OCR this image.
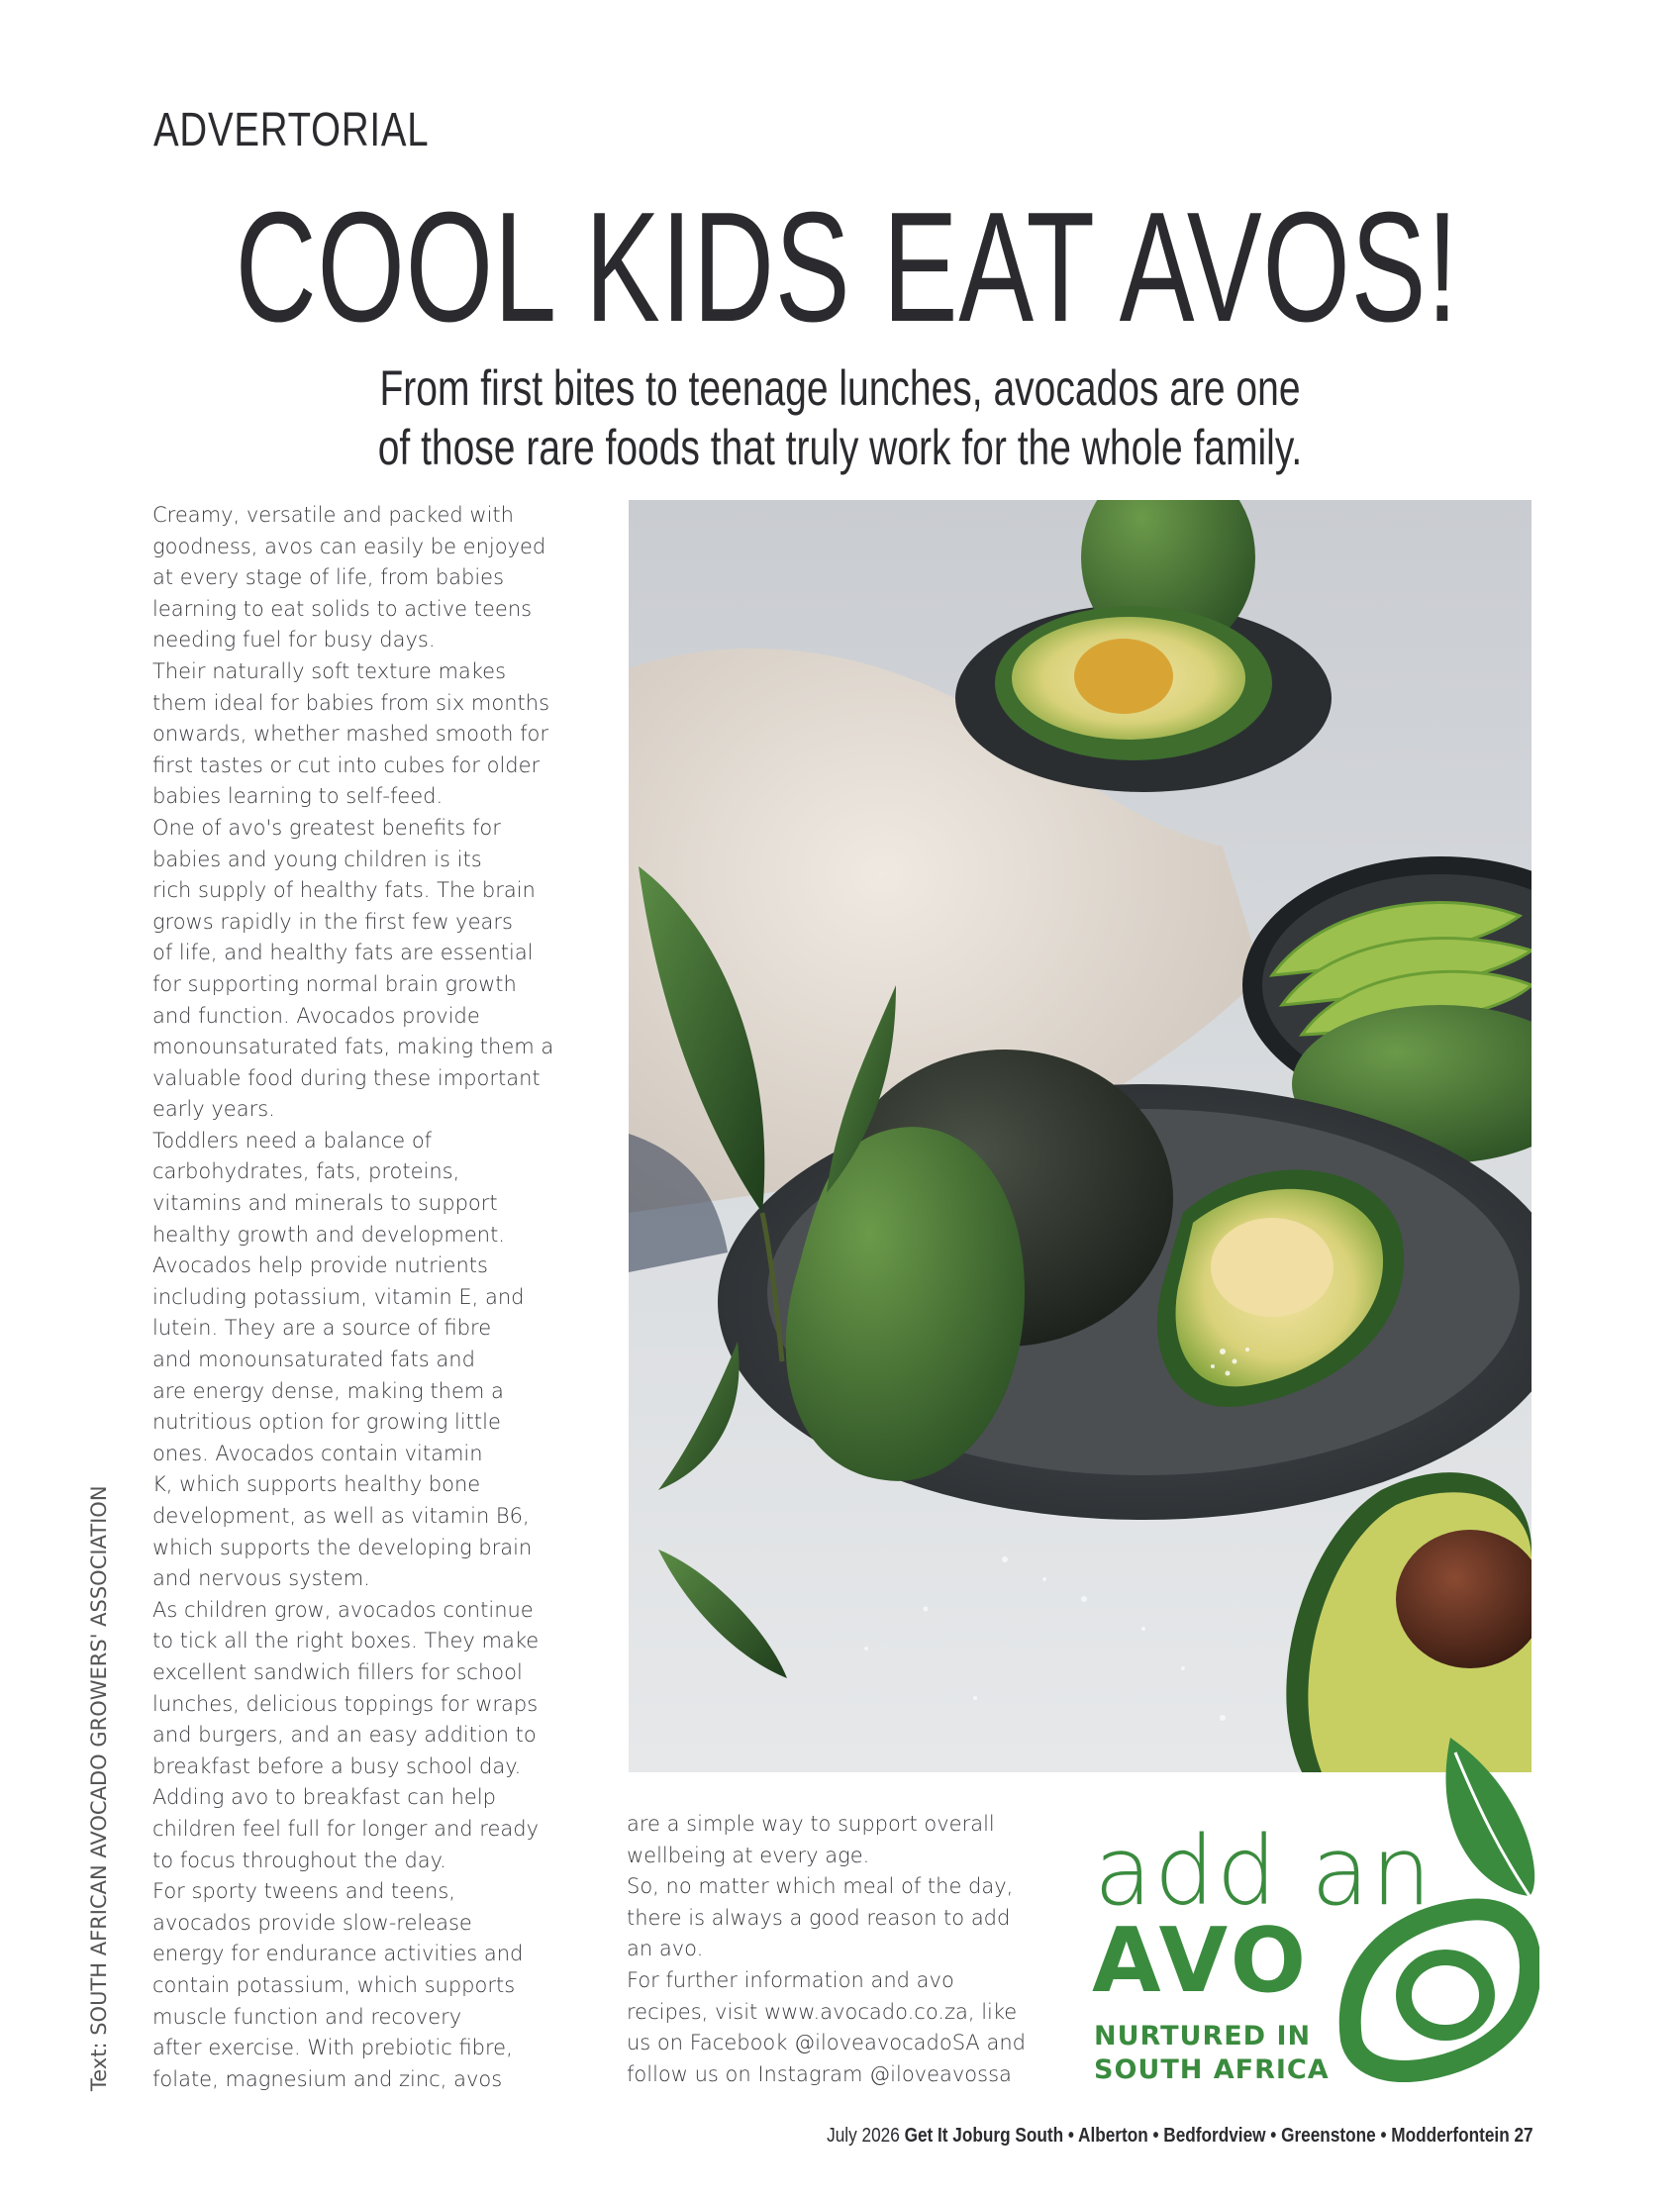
ADVERTORIAL
COOL KIDS EAT AVOS!
From first bites to teenage lunches, avocados are one
of those rare foods that truly work for the whole family.

Creamy, versatile and packed with

goodness, avos can easily be enjoyed

at every stage of life, from babies

learning to eat solids to active teens

needing fuel for busy days.

Their naturally soft texture makes

them ideal for babies from six months

onwards, whether mashed smooth for

first tastes or cut into cubes for older

babies learning to self-feed.

One of avo's greatest benefits for

babies and young children is its

rich supply of healthy fats. The brain

grows rapidly in the first few years

of life, and healthy fats are essential

for supporting normal brain growth

and function. Avocados provide

monounsaturated fats, making them a

valuable food during these important

early years.

Toddlers need a balance of

carbohydrates, fats, proteins,

vitamins and minerals to support

healthy growth and development.

Avocados help provide nutrients

including potassium, vitamin E, and

lutein. They are a source of fibre

and monounsaturated fats and

are energy dense, making them a

nutritious option for growing little

ones. Avocados contain vitamin

K, which supports healthy bone

development, as well as vitamin B6,

which supports the developing brain

and nervous system.

As children grow, avocados continue

to tick all the right boxes. They make

excellent sandwich fillers for school

lunches, delicious toppings for wraps

and burgers, and an easy addition to

breakfast before a busy school day.

Adding avo to breakfast can help

children feel full for longer and ready

to focus throughout the day.

For sporty tweens and teens,

avocados provide slow-release

energy for endurance activities and

contain potassium, which supports

muscle function and recovery

after exercise. With prebiotic fibre,

folate, magnesium and zinc, avos

Text: SOUTH AFRICAN AVOCADO GROWERS' ASSOCIATION	are a simple way to support overall

wellbeing at every age.

So, no matter which meal of the day,

there is always a good reason to add

an avo.

For further information and avo

recipes, visit www.avocado.co.za, like

us on Facebook @iloveavocadoSA and

follow us on Instagram @iloveavossa

add an
AVO
NURTURED IN
SOUTH AFRICA
July 2026 Get It Joburg South • Alberton • Bedfordview • Greenstone • Modderfontein 27
